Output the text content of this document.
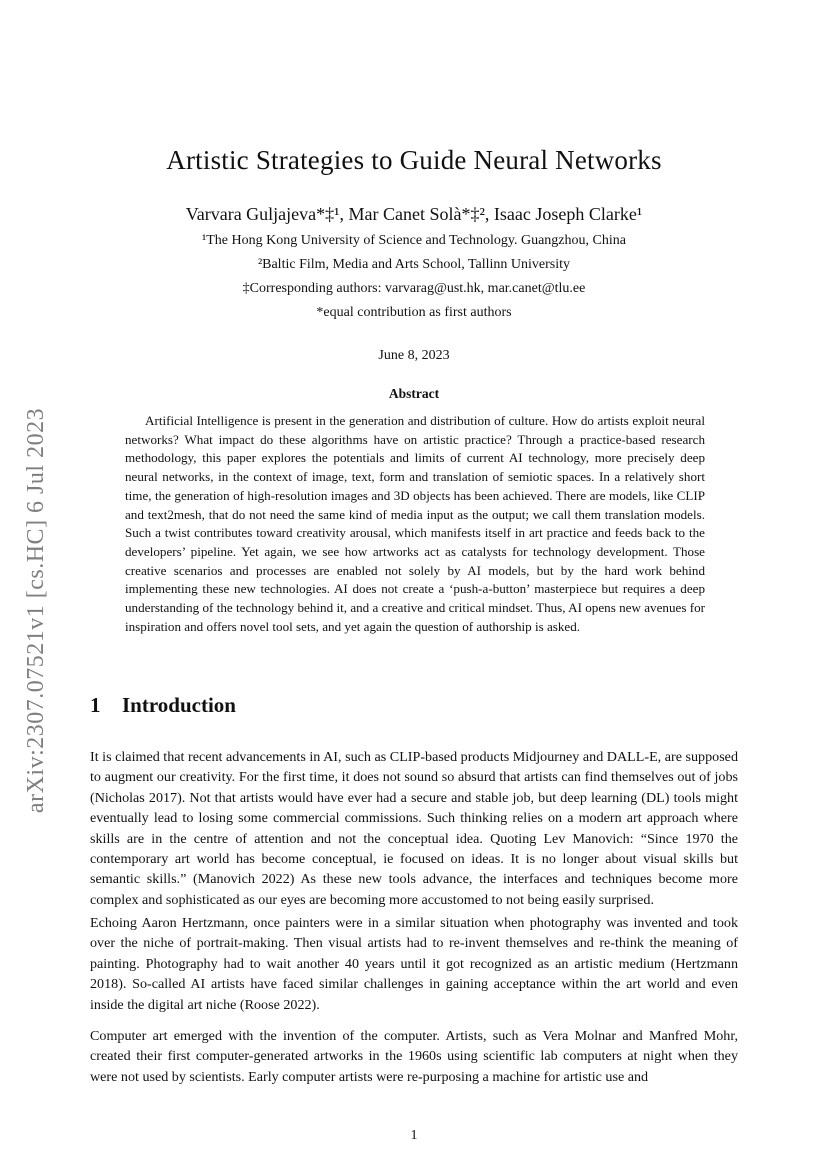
arXiv:2307.07521v1 [cs.HC] 6 Jul 2023
Artistic Strategies to Guide Neural Networks
Varvara Guljajeva*‡¹, Mar Canet Solà*‡², Isaac Joseph Clarke¹
¹The Hong Kong University of Science and Technology. Guangzhou, China
²Baltic Film, Media and Arts School, Tallinn University
‡Corresponding authors: varvarag@ust.hk, mar.canet@tlu.ee
*equal contribution as first authors
June 8, 2023
Abstract

Artificial Intelligence is present in the generation and distribution of culture. How do artists exploit neural networks? What impact do these algorithms have on artistic practice? Through a practice-based research methodology, this paper explores the potentials and limits of current AI technology, more precisely deep neural networks, in the context of image, text, form and translation of semiotic spaces. In a relatively short time, the generation of high-resolution images and 3D objects has been achieved. There are models, like CLIP and text2mesh, that do not need the same kind of media input as the output; we call them translation models. Such a twist contributes toward creativity arousal, which manifests itself in art practice and feeds back to the developers’ pipeline. Yet again, we see how artworks act as catalysts for technology development. Those creative scenarios and processes are enabled not solely by AI models, but by the hard work behind implementing these new technologies. AI does not create a ‘push-a-button’ masterpiece but requires a deep understanding of the technology behind it, and a creative and critical mindset. Thus, AI opens new avenues for inspiration and offers novel tool sets, and yet again the question of authorship is asked.

1 Introduction

It is claimed that recent advancements in AI, such as CLIP-based products Midjourney and DALL-E, are supposed to augment our creativity. For the first time, it does not sound so absurd that artists can find themselves out of jobs (Nicholas 2017). Not that artists would have ever had a secure and stable job, but deep learning (DL) tools might eventually lead to losing some commercial commissions. Such thinking relies on a modern art approach where skills are in the centre of attention and not the conceptual idea. Quoting Lev Manovich: “Since 1970 the contemporary art world has become conceptual, ie focused on ideas. It is no longer about visual skills but semantic skills.” (Manovich 2022) As these new tools advance, the interfaces and techniques become more complex and sophisticated as our eyes are becoming more accustomed to not being easily surprised.

Echoing Aaron Hertzmann, once painters were in a similar situation when photography was invented and took over the niche of portrait-making. Then visual artists had to re-invent themselves and re-think the meaning of painting. Photography had to wait another 40 years until it got recognized as an artistic medium (Hertzmann 2018). So-called AI artists have faced similar challenges in gaining acceptance within the art world and even inside the digital art niche (Roose 2022).

Computer art emerged with the invention of the computer. Artists, such as Vera Molnar and Manfred Mohr, created their first computer-generated artworks in the 1960s using scientific lab computers at night when they were not used by scientists. Early computer artists were re-purposing a machine for artistic use and

1
